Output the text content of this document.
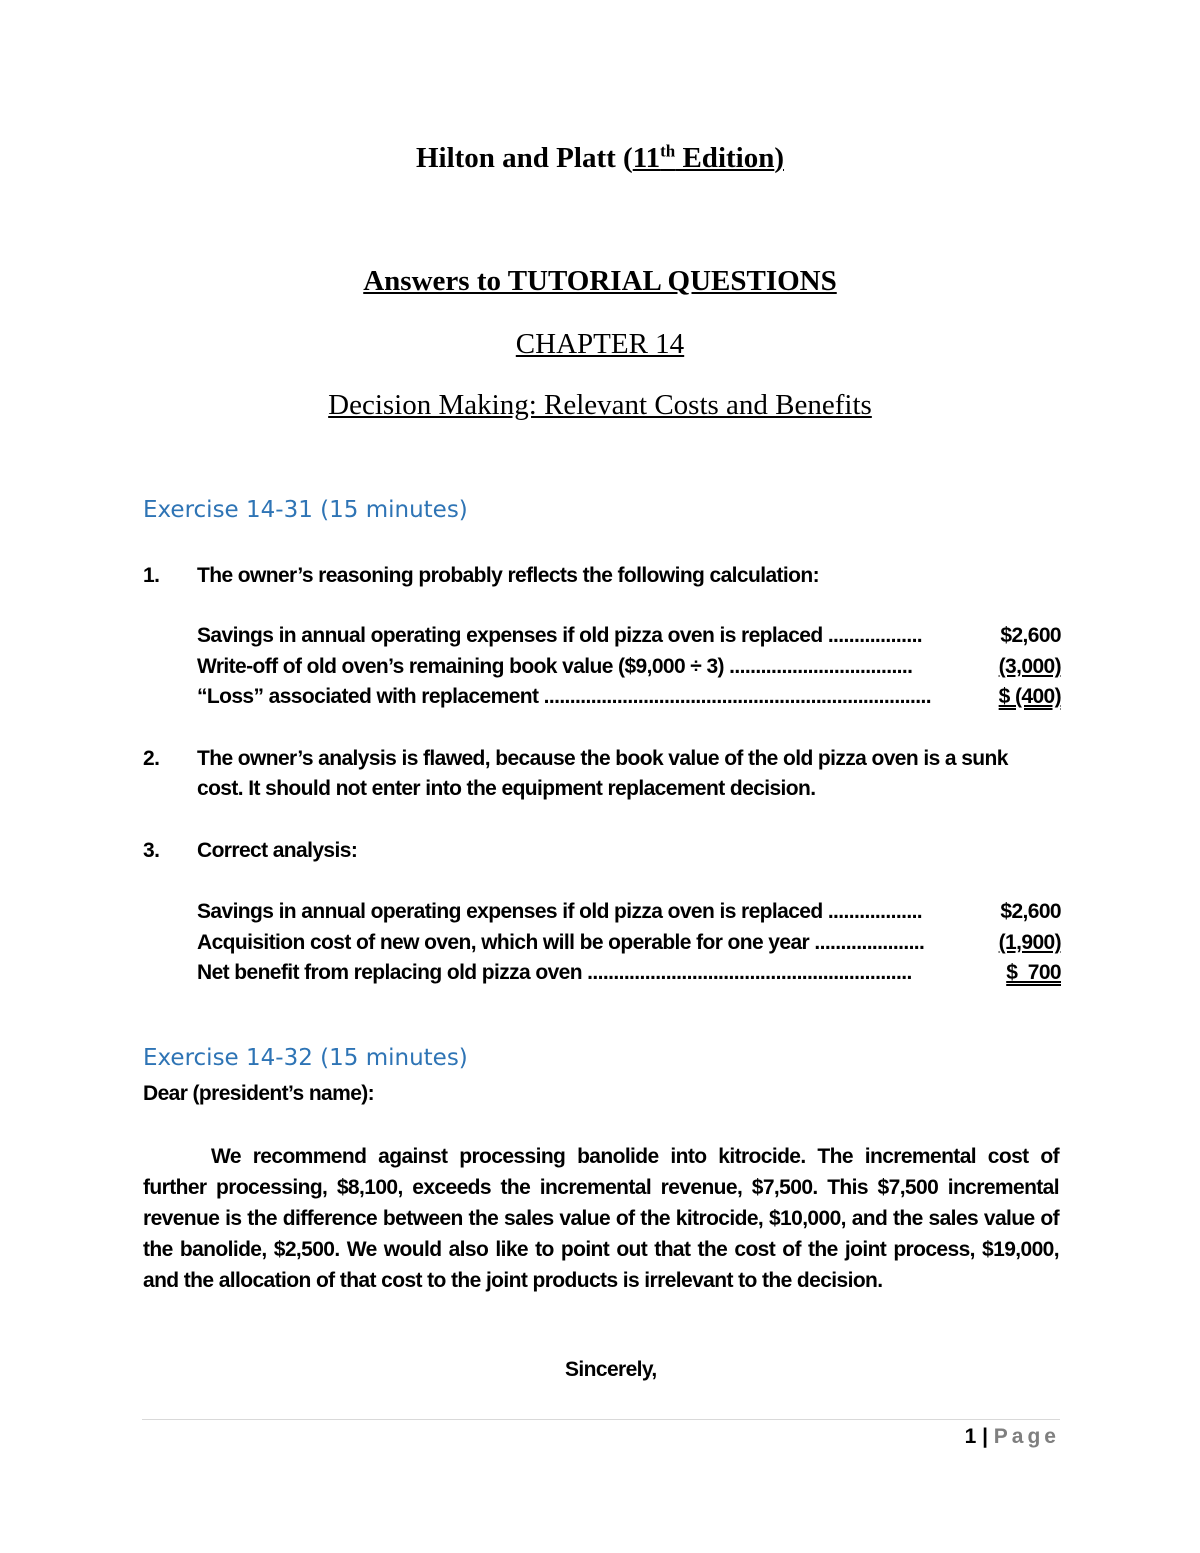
Hilton and Platt (11th Edition)
Answers to TUTORIAL QUESTIONS
CHAPTER 14
Decision Making: Relevant Costs and Benefits
Exercise 14-31 (15 minutes)
1. The owner’s reasoning probably reflects the following calculation:
Savings in annual operating expenses if old pizza oven is replaced ..................	$2,600
Write-off of old oven’s remaining book value ($9,000 ÷ 3) ...................................	(3,000)
“Loss” associated with replacement ..........................................................................	$ (400)
2. The owner’s analysis is flawed, because the book value of the old pizza oven is a sunk
cost. It should not enter into the equipment replacement decision.
3. Correct analysis:
Savings in annual operating expenses if old pizza oven is replaced ..................	$2,600
Acquisition cost of new oven, which will be operable for one year .....................	(1,900)
Net benefit from replacing old pizza oven ..............................................................	$  700
Exercise 14-32 (15 minutes)
Dear (president’s name):
We recommend against processing banolide into kitrocide. The incremental cost of further processing, $8,100, exceeds the incremental revenue, $7,500. This $7,500 incremental revenue is the difference between the sales value of the kitrocide, $10,000, and the sales value of the banolide, $2,500. We would also like to point out that the cost of the joint process, $19,000, and the allocation of that cost to the joint products is irrelevant to the decision.
Sincerely,
1 | Page
